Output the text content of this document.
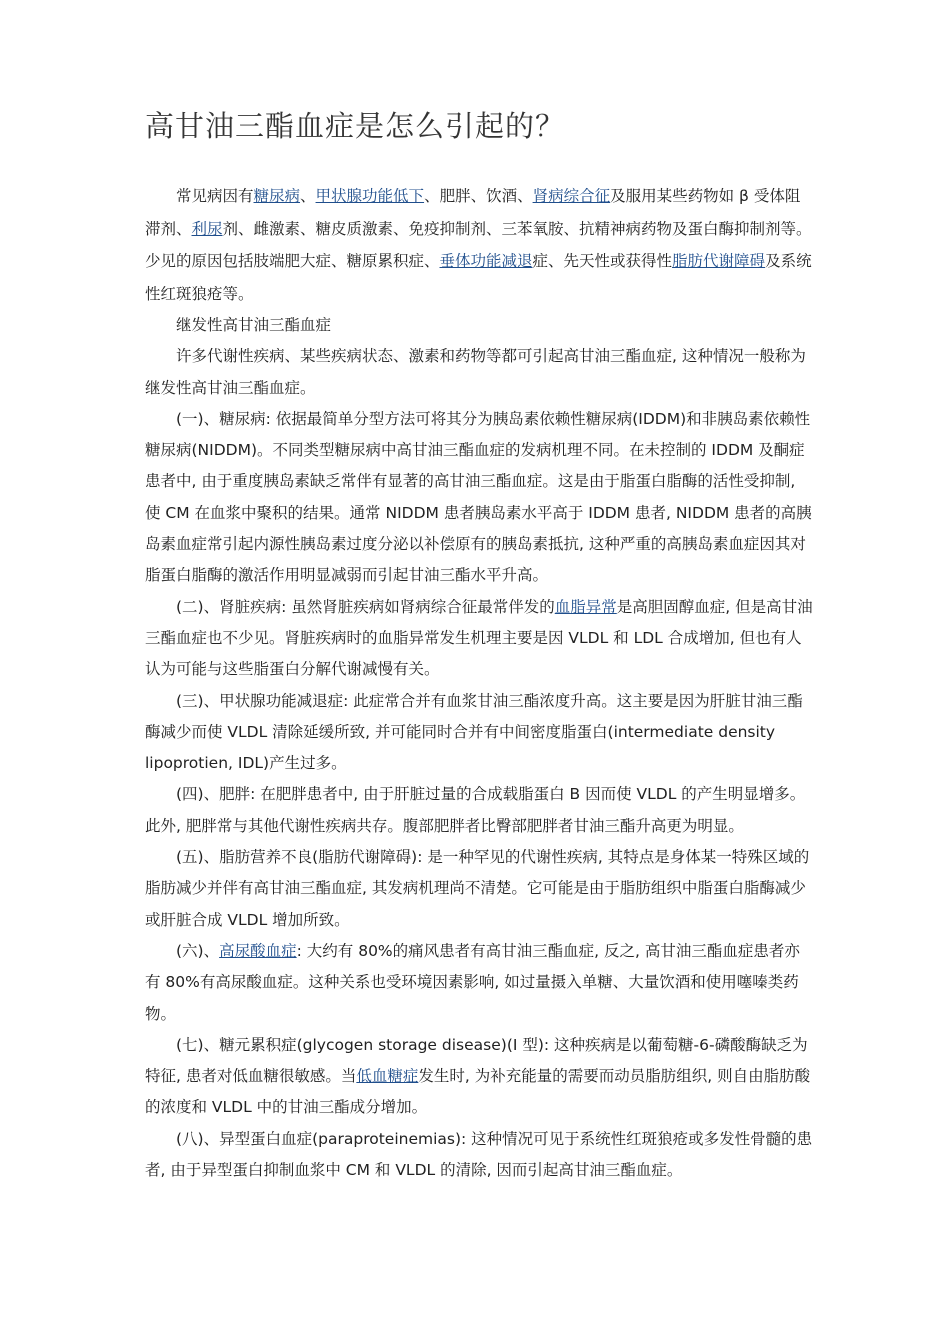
高甘油三酯血症是怎么引起的？

常见病因有糖尿病、甲状腺功能低下、肥胖、饮酒、肾病综合征及服用某些药物如 β 受体阻滞剂、利尿剂、雌激素、糖皮质激素、免疫抑制剂、三苯氧胺、抗精神病药物及蛋白酶抑制剂等。少见的原因包括肢端肥大症、糖原累积症、垂体功能减退症、先天性或获得性脂肪代谢障碍及系统性红斑狼疮等。

继发性高甘油三酯血症

许多代谢性疾病、某些疾病状态、激素和药物等都可引起高甘油三酯血症, 这种情况一般称为继发性高甘油三酯血症。

(一)、糖尿病: 依据最简单分型方法可将其分为胰岛素依赖性糖尿病(IDDM)和非胰岛素依赖性糖尿病(NIDDM)。不同类型糖尿病中高甘油三酯血症的发病机理不同。在未控制的 IDDM 及酮症患者中, 由于重度胰岛素缺乏常伴有显著的高甘油三酯血症。这是由于脂蛋白脂酶的活性受抑制, 使 CM 在血浆中聚积的结果。通常 NIDDM 患者胰岛素水平高于 IDDM 患者, NIDDM 患者的高胰岛素血症常引起内源性胰岛素过度分泌以补偿原有的胰岛素抵抗, 这种严重的高胰岛素血症因其对脂蛋白脂酶的激活作用明显减弱而引起甘油三酯水平升高。

(二)、肾脏疾病: 虽然肾脏疾病如肾病综合征最常伴发的血脂异常是高胆固醇血症, 但是高甘油三酯血症也不少见。肾脏疾病时的血脂异常发生机理主要是因 VLDL 和 LDL 合成增加, 但也有人认为可能与这些脂蛋白分解代谢减慢有关。

(三)、甲状腺功能减退症: 此症常合并有血浆甘油三酯浓度升高。这主要是因为肝脏甘油三酯酶减少而使 VLDL 清除延缓所致, 并可能同时合并有中间密度脂蛋白(intermediate density lipoprotien, IDL)产生过多。

(四)、肥胖: 在肥胖患者中, 由于肝脏过量的合成载脂蛋白 B 因而使 VLDL 的产生明显增多。此外, 肥胖常与其他代谢性疾病共存。腹部肥胖者比臀部肥胖者甘油三酯升高更为明显。

(五)、脂肪营养不良(脂肪代谢障碍): 是一种罕见的代谢性疾病, 其特点是身体某一特殊区域的脂肪减少并伴有高甘油三酯血症, 其发病机理尚不清楚。它可能是由于脂肪组织中脂蛋白脂酶减少或肝脏合成 VLDL 增加所致。

(六)、高尿酸血症: 大约有 80%的痛风患者有高甘油三酯血症, 反之, 高甘油三酯血症患者亦有 80%有高尿酸血症。这种关系也受环境因素影响, 如过量摄入单糖、大量饮酒和使用噻嗪类药物。

(七)、糖元累积症(glycogen storage disease)(I 型): 这种疾病是以葡萄糖-6-磷酸酶缺乏为特征, 患者对低血糖很敏感。当低血糖症发生时, 为补充能量的需要而动员脂肪组织, 则自由脂肪酸的浓度和 VLDL 中的甘油三酯成分增加。

(八)、异型蛋白血症(paraproteinemias): 这种情况可见于系统性红斑狼疮或多发性骨髓的患者, 由于异型蛋白抑制血浆中 CM 和 VLDL 的清除, 因而引起高甘油三酯血症。
